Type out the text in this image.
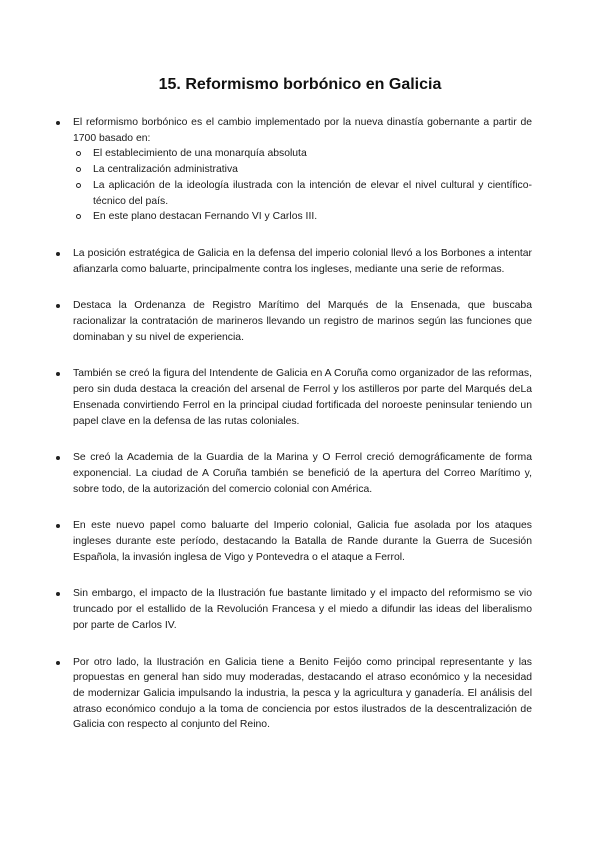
15. Reformismo borbónico en Galicia
El reformismo borbónico es el cambio implementado por la nueva dinastía gobernante a partir de 1700 basado en:
El establecimiento de una monarquía absoluta
La centralización administrativa
La aplicación de la ideología ilustrada con la intención de elevar el nivel cultural y científico-técnico del país.
En este plano destacan Fernando VI y Carlos III.
La posición estratégica de Galicia en la defensa del imperio colonial llevó a los Borbones a intentar afianzarla como baluarte, principalmente contra los ingleses, mediante una serie de reformas.
Destaca la Ordenanza de Registro Marítimo del Marqués de la Ensenada, que buscaba racionalizar la contratación de marineros llevando un registro de marinos según las funciones que dominaban y su nivel de experiencia.
También se creó la figura del Intendente de Galicia en A Coruña como organizador de las reformas, pero sin duda destaca la creación del arsenal de Ferrol y los astilleros por parte del Marqués deLa Ensenada convirtiendo Ferrol en la principal ciudad fortificada del noroeste peninsular teniendo un papel clave en la defensa de las rutas coloniales.
Se creó la Academia de la Guardia de la Marina y O Ferrol creció demográficamente de forma exponencial. La ciudad de A Coruña también se benefició de la apertura del Correo Marítimo y, sobre todo, de la autorización del comercio colonial con América.
En este nuevo papel como baluarte del Imperio colonial, Galicia fue asolada por los ataques ingleses durante este período, destacando la Batalla de Rande durante la Guerra de Sucesión Española, la invasión inglesa de Vigo y Pontevedra o el ataque a Ferrol.
Sin embargo, el impacto de la Ilustración fue bastante limitado y el impacto del reformismo se vio truncado por el estallido de la Revolución Francesa y el miedo a difundir las ideas del liberalismo por parte de Carlos IV.
Por otro lado, la Ilustración en Galicia tiene a Benito Feijóo como principal representante y las propuestas en general han sido muy moderadas, destacando el atraso económico y la necesidad de modernizar Galicia impulsando la industria, la pesca y la agricultura y ganadería. El análisis del atraso económico condujo a la toma de conciencia por estos ilustrados de la descentralización de Galicia con respecto al conjunto del Reino.
